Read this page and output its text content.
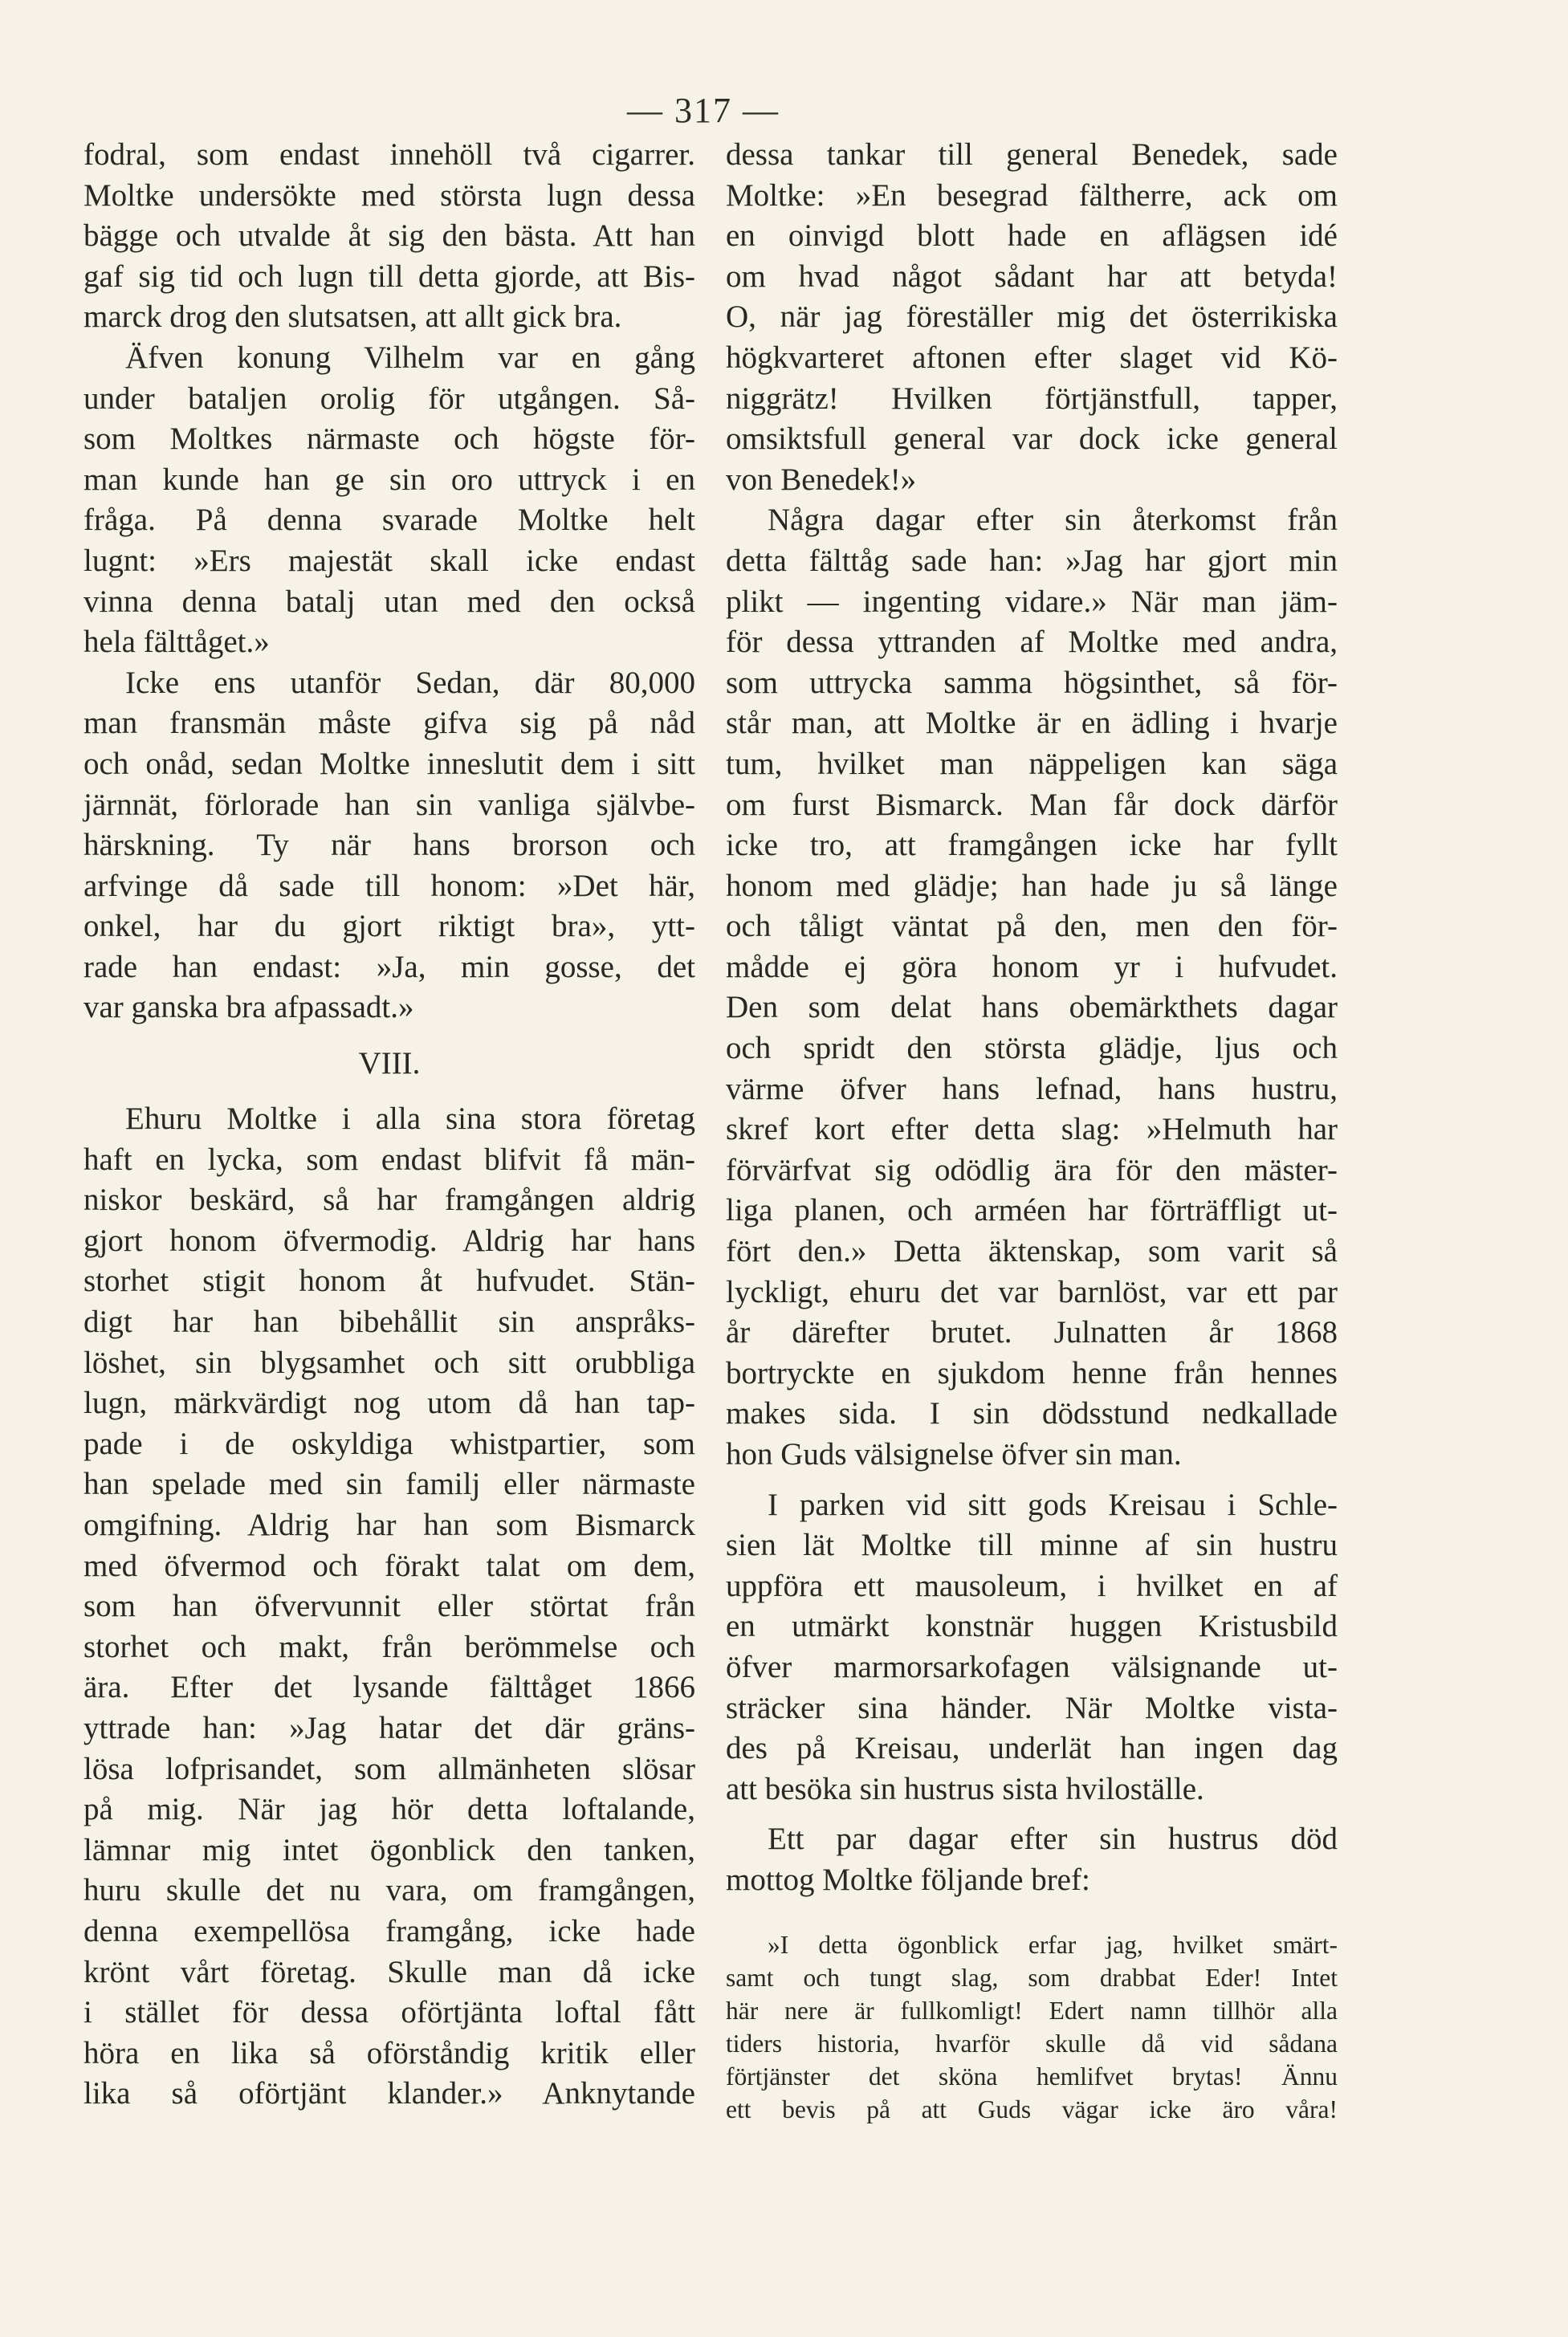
— 317 —
fodral, som endast innehöll två cigarrer.
Moltke undersökte med största lugn dessa
bägge och utvalde åt sig den bästa. Att han
gaf sig tid och lugn till detta gjorde, att Bis-
marck drog den slutsatsen, att allt gick bra.
Äfven konung Vilhelm var en gång
under bataljen orolig för utgången. Så-
som Moltkes närmaste och högste för-
man kunde han ge sin oro uttryck i en
fråga. På denna svarade Moltke helt
lugnt: »Ers majestät skall icke endast
vinna denna batalj utan med den också
hela fälttåget.»
Icke ens utanför Sedan, där 80,000
man fransmän måste gifva sig på nåd
och onåd, sedan Moltke inneslutit dem i sitt
järnnät, förlorade han sin vanliga självbe-
härskning. Ty när hans brorson och
arfvinge då sade till honom: »Det här,
onkel, har du gjort riktigt bra», ytt-
rade han endast: »Ja, min gosse, det
var ganska bra afpassadt.»
VIII.
Ehuru Moltke i alla sina stora företag
haft en lycka, som endast blifvit få män-
niskor beskärd, så har framgången aldrig
gjort honom öfvermodig. Aldrig har hans
storhet stigit honom åt hufvudet. Stän-
digt har han bibehållit sin anspråks-
löshet, sin blygsamhet och sitt orubbliga
lugn, märkvärdigt nog utom då han tap-
pade i de oskyldiga whistpartier, som
han spelade med sin familj eller närmaste
omgifning. Aldrig har han som Bismarck
med öfvermod och förakt talat om dem,
som han öfvervunnit eller störtat från
storhet och makt, från berömmelse och
ära. Efter det lysande fälttåget 1866
yttrade han: »Jag hatar det där gräns-
lösa lofprisandet, som allmänheten slösar
på mig. När jag hör detta loftalande,
lämnar mig intet ögonblick den tanken,
huru skulle det nu vara, om framgången,
denna exempellösa framgång, icke hade
krönt vårt företag. Skulle man då icke
i stället för dessa oförtjänta loftal fått
höra en lika så oförståndig kritik eller
lika så oförtjänt klander.» Anknytande
dessa tankar till general Benedek, sade
Moltke: »En besegrad fältherre, ack om
en oinvigd blott hade en aflägsen idé
om hvad något sådant har att betyda!
O, när jag föreställer mig det österrikiska
högkvarteret aftonen efter slaget vid Kö-
niggrätz! Hvilken förtjänstfull, tapper,
omsiktsfull general var dock icke general
von Benedek!»
Några dagar efter sin återkomst från
detta fälttåg sade han: »Jag har gjort min
plikt — ingenting vidare.» När man jäm-
för dessa yttranden af Moltke med andra,
som uttrycka samma högsinthet, så för-
står man, att Moltke är en ädling i hvarje
tum, hvilket man näppeligen kan säga
om furst Bismarck. Man får dock därför
icke tro, att framgången icke har fyllt
honom med glädje; han hade ju så länge
och tåligt väntat på den, men den för-
mådde ej göra honom yr i hufvudet.
Den som delat hans obemärkthets dagar
och spridt den största glädje, ljus och
värme öfver hans lefnad, hans hustru,
skref kort efter detta slag: »Helmuth har
förvärfvat sig odödlig ära för den mäster-
liga planen, och arméen har förträffligt ut-
fört den.» Detta äktenskap, som varit så
lyckligt, ehuru det var barnlöst, var ett par
år därefter brutet. Julnatten år 1868
bortryckte en sjukdom henne från hennes
makes sida. I sin dödsstund nedkallade
hon Guds välsignelse öfver sin man.
I parken vid sitt gods Kreisau i Schle-
sien lät Moltke till minne af sin hustru
uppföra ett mausoleum, i hvilket en af
en utmärkt konstnär huggen Kristusbild
öfver marmorsarkofagen välsignande ut-
sträcker sina händer. När Moltke vista-
des på Kreisau, underlät han ingen dag
att besöka sin hustrus sista hviloställe.
Ett par dagar efter sin hustrus död
mottog Moltke följande bref:
»I detta ögonblick erfar jag, hvilket smärt-
samt och tungt slag, som drabbat Eder! Intet
här nere är fullkomligt! Edert namn tillhör alla
tiders historia, hvarför skulle då vid sådana
förtjänster det sköna hemlifvet brytas! Ännu
ett bevis på att Guds vägar icke äro våra!
